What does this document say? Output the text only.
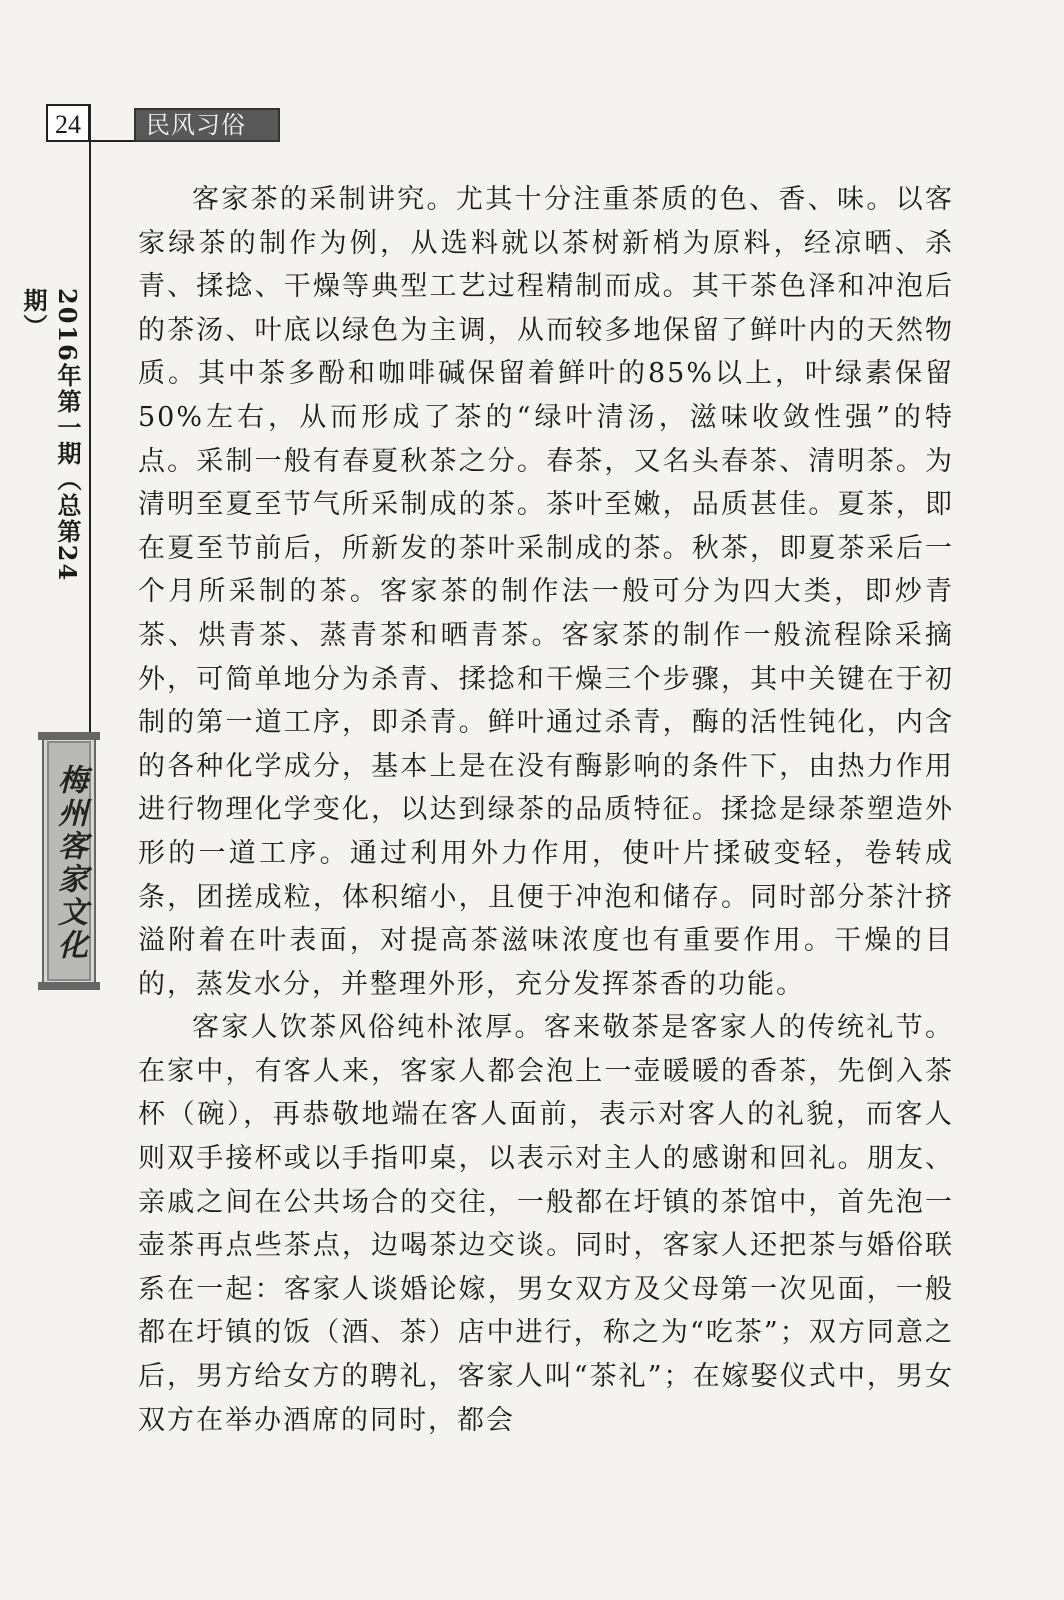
24	民风习俗
2016年第一期（总第24期）
梅州客家文化

客家茶的采制讲究。尤其十分注重茶质的色、香、味。以客家绿茶的制作为例，从选料就以茶树新梢为原料，经凉晒、杀青、揉捻、干燥等典型工艺过程精制而成。其干茶色泽和冲泡后的茶汤、叶底以绿色为主调，从而较多地保留了鲜叶内的天然物质。其中茶多酚和咖啡碱保留着鲜叶的85%以上，叶绿素保留50%左右，从而形成了茶的“绿叶清汤，滋味收敛性强”的特点。采制一般有春夏秋茶之分。春茶，又名头春茶、清明茶。为清明至夏至节气所采制成的茶。茶叶至嫩，品质甚佳。夏茶，即在夏至节前后，所新发的茶叶采制成的茶。秋茶，即夏茶采后一个月所采制的茶。客家茶的制作法一般可分为四大类，即炒青茶、烘青茶、蒸青茶和晒青茶。客家茶的制作一般流程除采摘外，可简单地分为杀青、揉捻和干燥三个步骤，其中关键在于初制的第一道工序，即杀青。鲜叶通过杀青，酶的活性钝化，内含的各种化学成分，基本上是在没有酶影响的条件下，由热力作用进行物理化学变化，以达到绿茶的品质特征。揉捻是绿茶塑造外形的一道工序。通过利用外力作用，使叶片揉破变轻，卷转成条，团搓成粒，体积缩小，且便于冲泡和储存。同时部分茶汁挤溢附着在叶表面，对提高茶滋味浓度也有重要作用。干燥的目的，蒸发水分，并整理外形，充分发挥茶香的功能。

客家人饮茶风俗纯朴浓厚。客来敬茶是客家人的传统礼节。在家中，有客人来，客家人都会泡上一壶暖暖的香茶，先倒入茶杯（碗），再恭敬地端在客人面前，表示对客人的礼貌，而客人则双手接杯或以手指叩桌，以表示对主人的感谢和回礼。朋友、亲戚之间在公共场合的交往，一般都在圩镇的茶馆中，首先泡一壶茶再点些茶点，边喝茶边交谈。同时，客家人还把茶与婚俗联系在一起：客家人谈婚论嫁，男女双方及父母第一次见面，一般都在圩镇的饭（酒、茶）店中进行，称之为“吃茶”；双方同意之后，男方给女方的聘礼，客家人叫“茶礼”；在嫁娶仪式中，男女双方在举办酒席的同时，都会
